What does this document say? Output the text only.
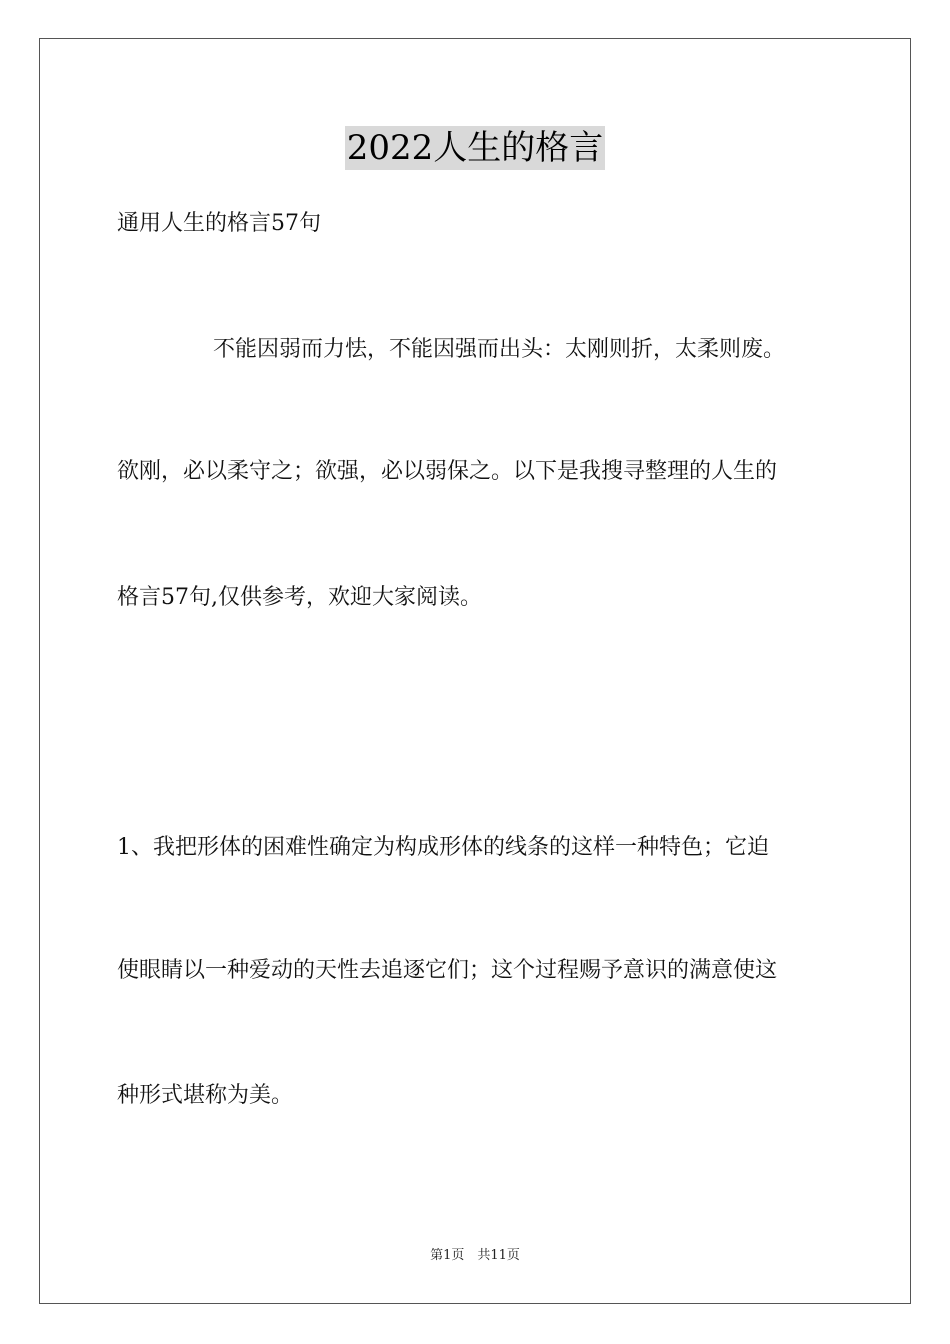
2022人生的格言
通用人生的格言57句
不能因弱而力怯，不能因强而出头：太刚则折，太柔则废。
欲刚，必以柔守之；欲强，必以弱保之。以下是我搜寻整理的人生的
格言57句,仅供参考，欢迎大家阅读。
1、我把形体的困难性确定为构成形体的线条的这样一种特色；它迫
使眼睛以一种爱动的天性去追逐它们；这个过程赐予意识的满意使这
种形式堪称为美。
第1页　共11页
